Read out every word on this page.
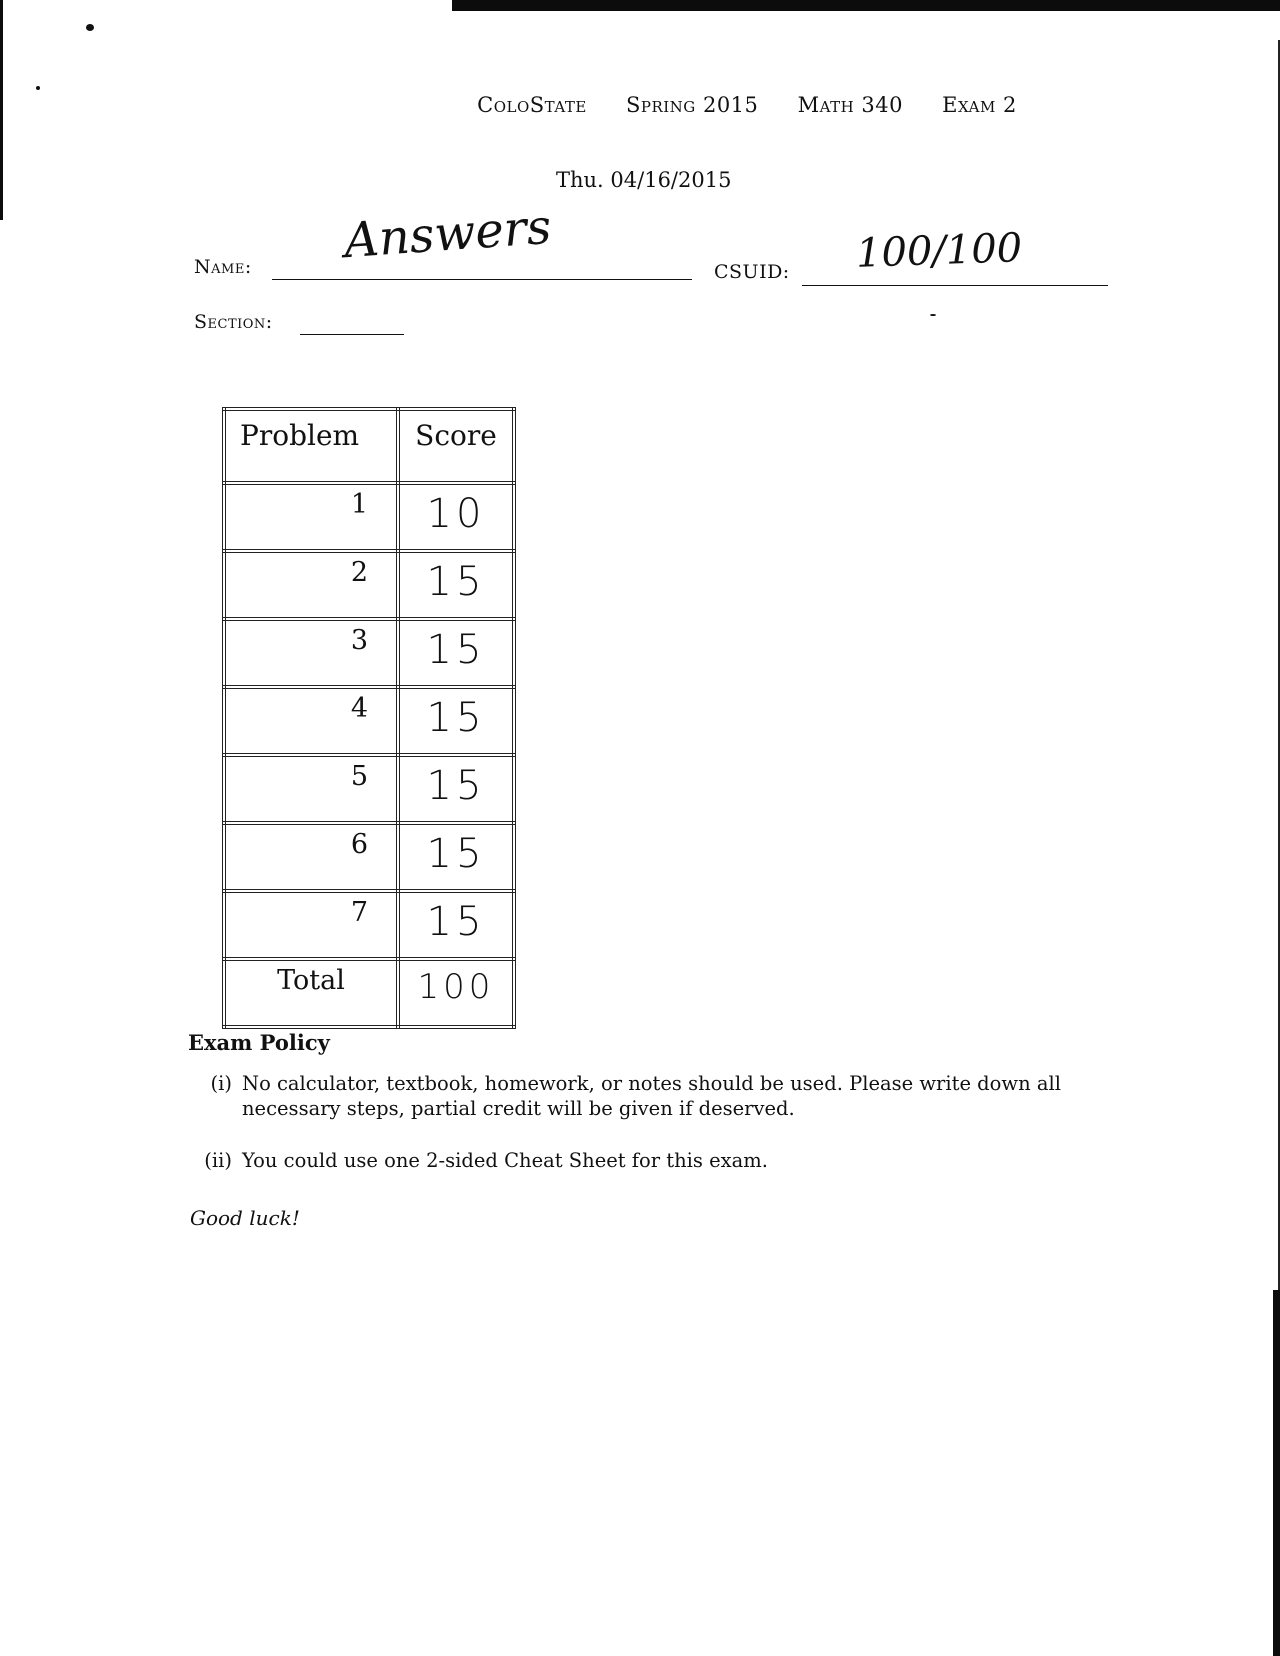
ColoState Spring 2015 Math 340 Exam 2
Thu. 04/16/2015
Name: Answers
CSUID: 100/100
Section:
Problem	Score
1	10
2	15
3	15
4	15
5	15
6	15
7	15
Total	100
Exam Policy
(i) No calculator, textbook, homework, or notes should be used. Please write down all necessary steps, partial credit will be given if deserved.
(ii) You could use one 2-sided Cheat Sheet for this exam.
Good luck!
